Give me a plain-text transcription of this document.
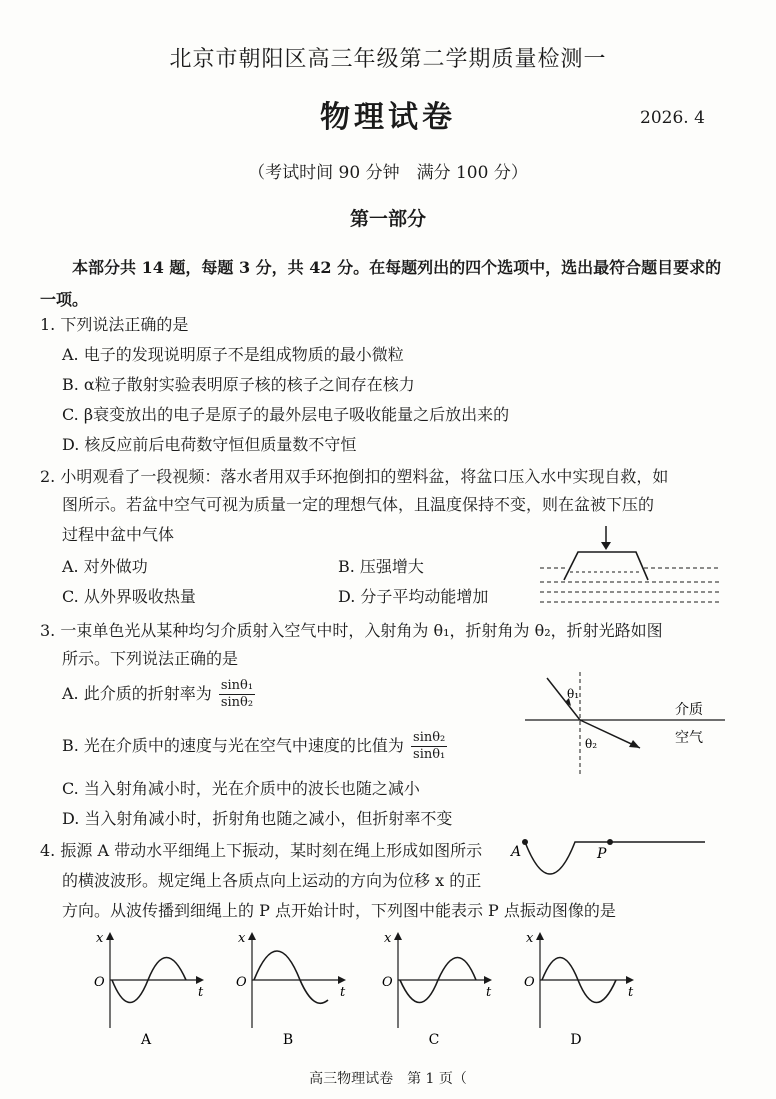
北京市朝阳区高三年级第二学期质量检测一
物理试卷	2026. 4
（考试时间 90 分钟　满分 100 分）
第一部分
本部分共 14 题，每题 3 分，共 42 分。在每题列出的四个选项中，选出最符合题目要求的一项。
1. 下列说法正确的是
A. 电子的发现说明原子不是组成物质的最小微粒
B. α粒子散射实验表明原子核的核子之间存在核力
C. β衰变放出的电子是原子的最外层电子吸收能量之后放出来的
D. 核反应前后电荷数守恒但质量数不守恒
2. 小明观看了一段视频：落水者用双手环抱倒扣的塑料盆，将盆口压入水中实现自救，如
图所示。若盆中空气可视为质量一定的理想气体，且温度保持不变，则在盆被下压的
过程中盆中气体
A. 对外做功	B. 压强增大
C. 从外界吸收热量	D. 分子平均动能增加
3. 一束单色光从某种均匀介质射入空气中时，入射角为 θ₁，折射角为 θ₂，折射光路如图
所示。下列说法正确的是
A. 此介质的折射率为 $\frac{\text{sinθ₁}}{\text{sinθ₂}}$
B. 光在介质中的速度与光在空气中速度的比值为 $\frac{\text{sinθ₂}}{\text{sinθ₁}}$
C. 当入射角减小时，光在介质中的波长也随之减小
D. 当入射角减小时，折射角也随之减小，但折射率不变
θ₁
θ₂
介质
空气
4. 振源 A 带动水平细绳上下振动，某时刻在绳上形成如图所示
的横波波形。规定绳上各质点向上运动的方向为位移 x 的正
方向。从波传播到细绳上的 P 点开始计时，下列图中能表示 P 点振动图像的是
A	P
x
t
O
A
x
t
O
B
x
t
O
C
x
t
O
D
高三物理试卷　第 1 页（
